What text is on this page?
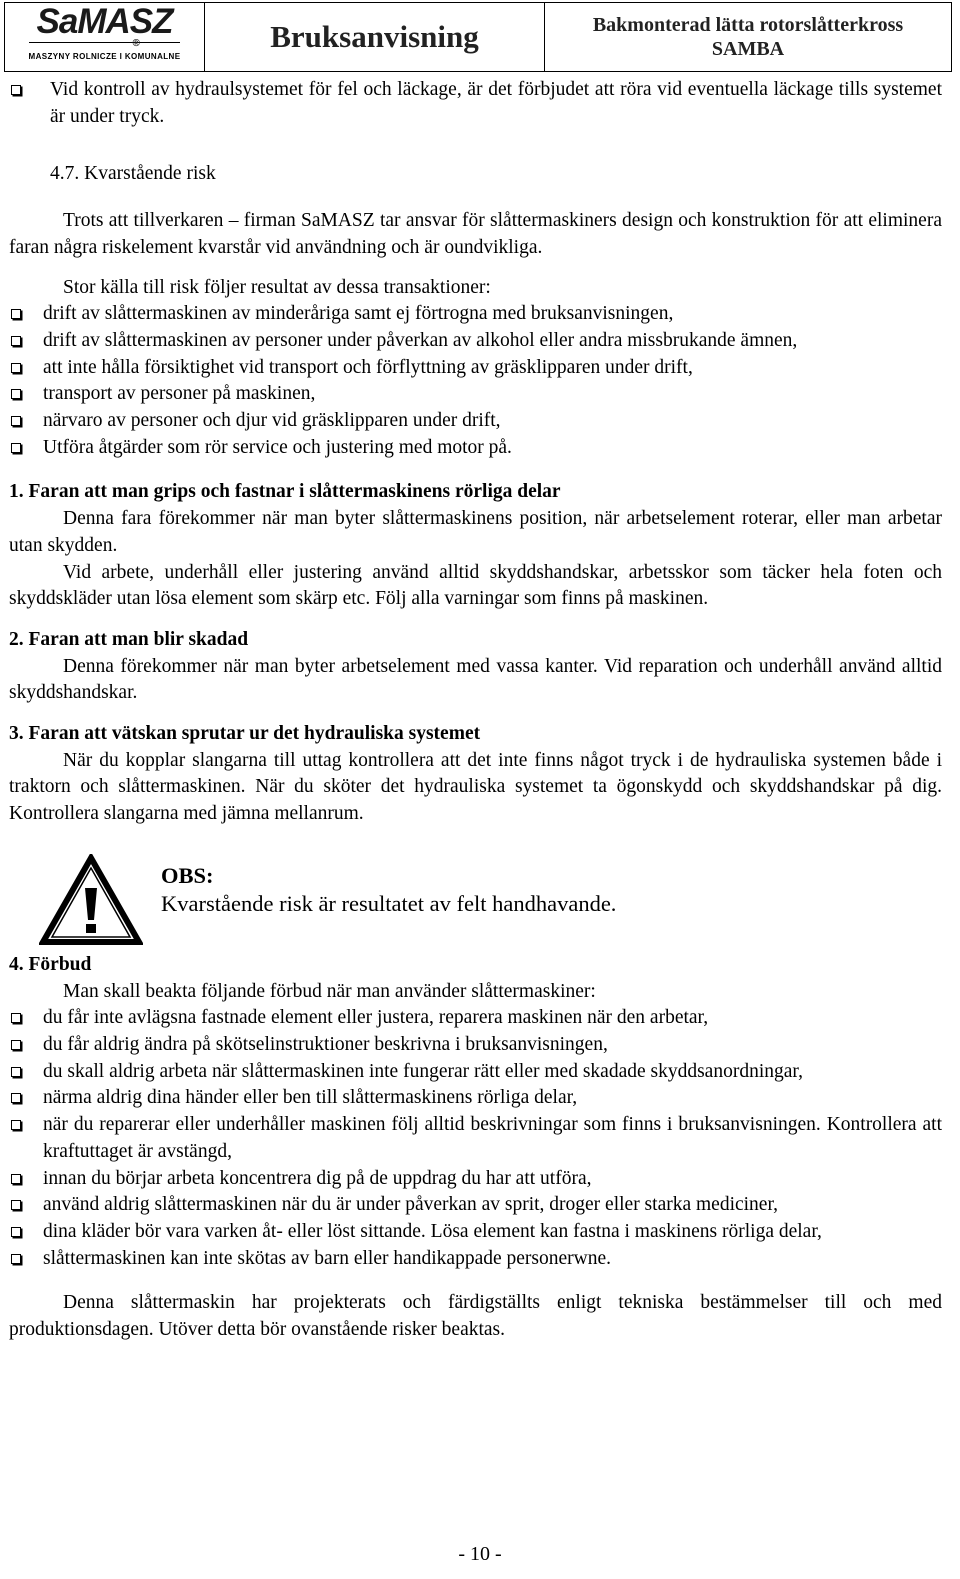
SaMASZ
®
MASZYNY ROLNICZE I KOMUNALNE
Bruksanvisning	Bakmonterad lätta rotorslåtterkross
SAMBA
Vid kontroll av hydraulsystemet för fel och läckage, är det förbjudet att röra vid eventuella läckage tills systemet är under tryck.

4.7. Kvarstående risk

Trots att tillverkaren – firman SaMASZ tar ansvar för slåttermaskiners design och konstruktion för att eliminera faran några riskelement kvarstår vid användning och är oundvikliga.

Stor källa till risk följer resultat av dessa transaktioner:

drift av slåttermaskinen av minderåriga samt ej förtrogna med bruksanvisningen,
drift av slåttermaskinen av personer under påverkan av alkohol eller andra missbrukande ämnen,
att inte hålla försiktighet vid transport och förflyttning av gräsklipparen under drift,
transport av personer på maskinen,
närvaro av personer och djur vid gräsklipparen under drift,
Utföra åtgärder som rör service och justering med motor på.

1. Faran att man grips och fastnar i slåttermaskinens rörliga delar

Denna fara förekommer när man byter slåttermaskinens position, när arbetselement roterar, eller man arbetar utan skydden.

Vid arbete, underhåll eller justering använd alltid skyddshandskar, arbetsskor som täcker hela foten och skyddskläder utan lösa element som skärp etc. Följ alla varningar som finns på maskinen.

2. Faran att man blir skadad

Denna förekommer när man byter arbetselement med vassa kanter. Vid reparation och underhåll använd alltid skyddshandskar.

3. Faran att vätskan sprutar ur det hydrauliska systemet

När du kopplar slangarna till uttag kontrollera att det inte finns något tryck i de hydrauliska systemen både i traktorn och slåttermaskinen. När du sköter det hydrauliska systemet ta ögonskydd och skyddshandskar på dig. Kontrollera slangarna med jämna mellanrum.

OBS:
Kvarstående risk är resultatet av felt handhavande.

4. Förbud

Man skall beakta följande förbud när man använder slåttermaskiner:

du får inte avlägsna fastnade element eller justera, reparera maskinen när den arbetar,
du får aldrig ändra på skötselinstruktioner beskrivna i bruksanvisningen,
du skall aldrig arbeta när slåttermaskinen inte fungerar rätt eller med skadade skyddsanordningar,
närma aldrig dina händer eller ben till slåttermaskinens rörliga delar,
när du reparerar eller underhåller maskinen följ alltid beskrivningar som finns i bruksanvisningen. Kontrollera att kraftuttaget är avstängd,
innan du börjar arbeta koncentrera dig på de uppdrag du har att utföra,
använd aldrig slåttermaskinen när du är under påverkan av sprit, droger eller starka mediciner,
dina kläder bör vara varken åt- eller löst sittande. Lösa element kan fastna i maskinens rörliga delar,
slåttermaskinen kan inte skötas av barn eller handikappade personerwne.

Denna slåttermaskin har projekterats och färdigställts enligt tekniska bestämmelser till och med produktionsdagen. Utöver detta bör ovanstående risker beaktas.

- 10 -
